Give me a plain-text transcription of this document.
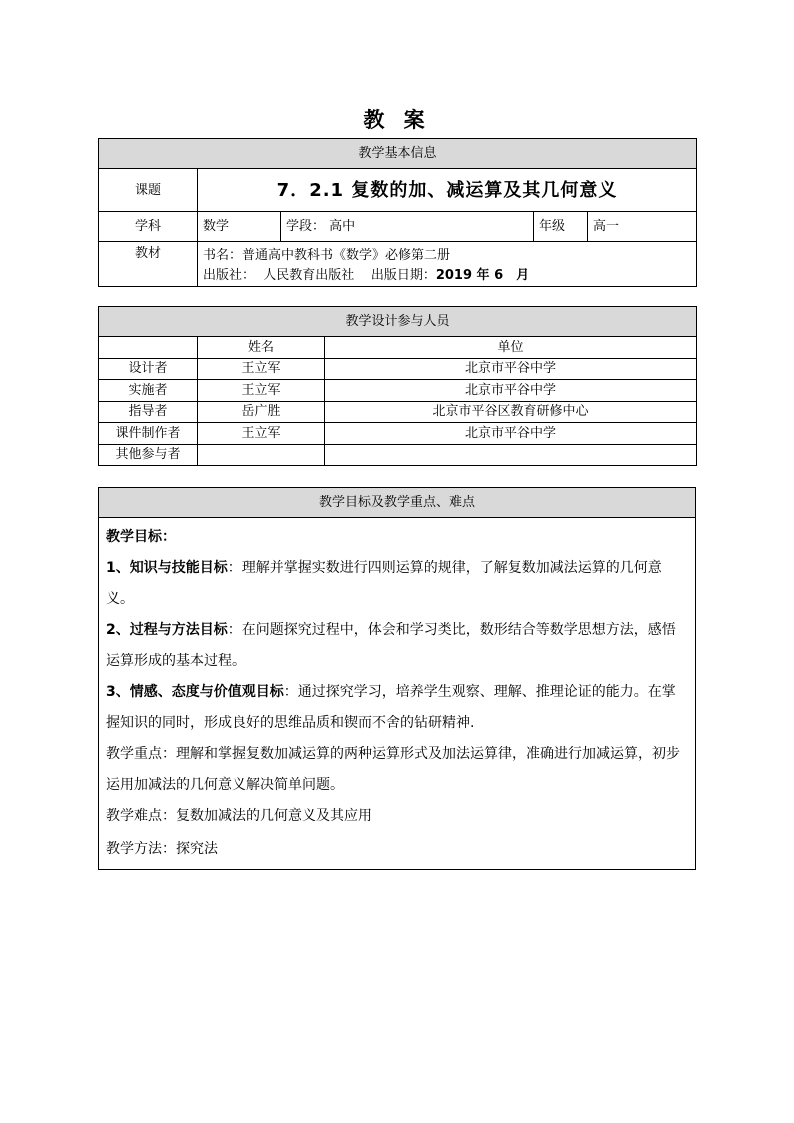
教 案
教学基本信息				
课题	7．2.1 复数的加、减运算及其几何意义			
学科	数学	学段： 高中	年级	高一
教材	书名：普通高中教科书《数学》必修第二册
出版社： 人民教育出版社 出版日期：2019 年 6　月			
教学设计参与人员		
	姓名	单位
设计者	王立军	北京市平谷中学
实施者	王立军	北京市平谷中学
指导者	岳广胜	北京市平谷区教育研修中心
课件制作者	王立军	北京市平谷中学
其他参与者		
教学目标及教学重点、难点

教学目标：

1、知识与技能目标：理解并掌握实数进行四则运算的规律，了解复数加减法运算的几何意义。

2、过程与方法目标：在问题探究过程中，体会和学习类比，数形结合等数学思想方法，感悟运算形成的基本过程。

3、情感、态度与价值观目标：通过探究学习，培养学生观察、理解、推理论证的能力。在掌握知识的同时，形成良好的思维品质和锲而不舍的钻研精神.

教学重点：理解和掌握复数加减运算的两种运算形式及加法运算律，准确进行加减运算，初步运用加减法的几何意义解决简单问题。

教学难点：复数加减法的几何意义及其应用

教学方法：探究法
